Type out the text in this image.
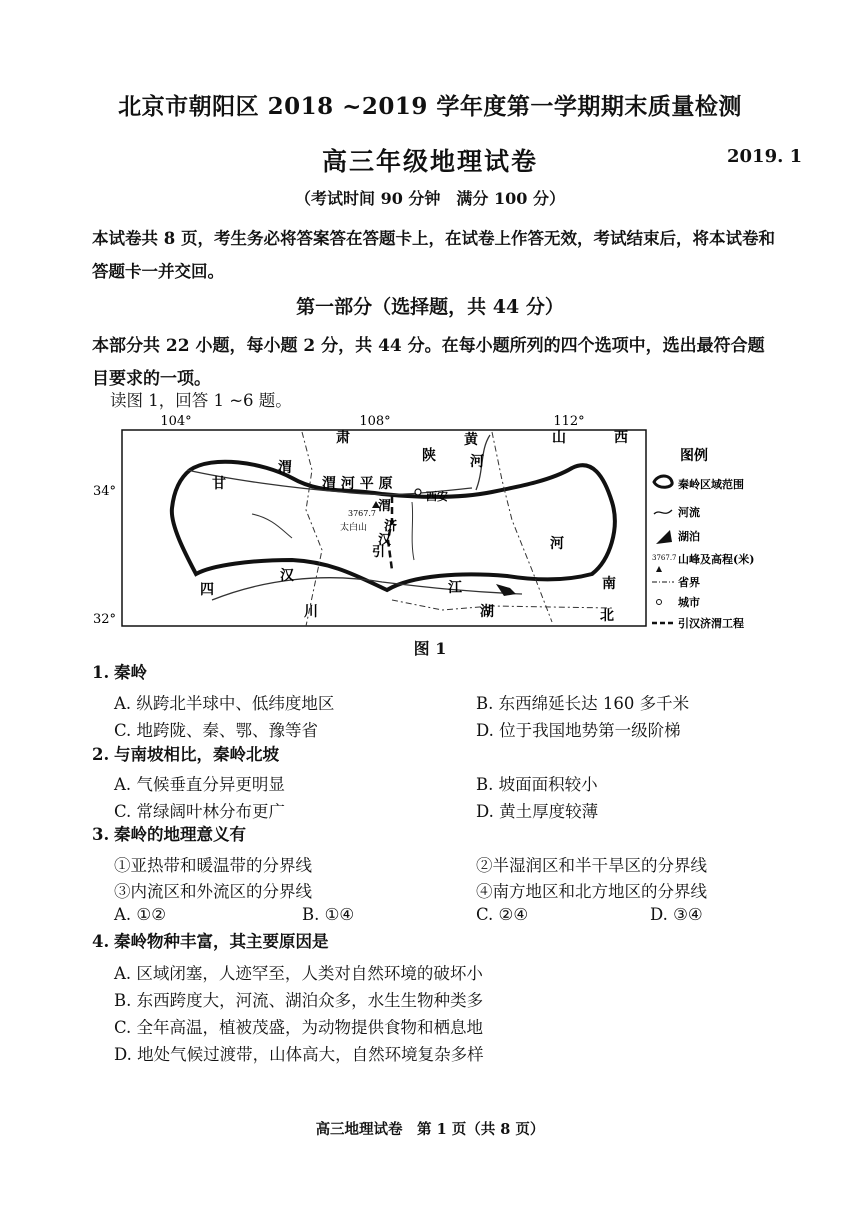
北京市朝阳区 2018 ~2019 学年度第一学期期末质量检测
高三年级地理试卷	2019. 1
（考试时间 90 分钟　满分 100 分）
本试卷共 8 页，考生务必将答案答在答题卡上，在试卷上作答无效，考试结束后，将本试卷和答题卡一并交回。
第一部分（选择题，共 44 分）
本部分共 22 小题，每小题 2 分，共 44 分。在每小题所列的四个选项中，选出最符合题目要求的一项。
读图 1，回答 1 ~6 题。
104°	108°	112°
34°
32°
甘
肃
陕
山	西
河
南
四
川	湖	北
渭
渭 河 平 原
黄
河
汉
江
西安
太白山
3767.7
引
汉
济
渭
图例
秦岭区域范围
河流
湖泊
3767.7 山峰及高程(米)
省界
城市
引汉济渭工程
图 1
1. 秦岭
A. 纵跨北半球中、低纬度地区	B. 东西绵延长达 160 多千米
C. 地跨陇、秦、鄂、豫等省	D. 位于我国地势第一级阶梯
2. 与南坡相比，秦岭北坡
A. 气候垂直分异更明显	B. 坡面面积较小
C. 常绿阔叶林分布更广	D. 黄土厚度较薄
3. 秦岭的地理意义有
①亚热带和暖温带的分界线	②半湿润区和半干旱区的分界线
③内流区和外流区的分界线	④南方地区和北方地区的分界线
A. ①②	B. ①④	C. ②④	D. ③④
4. 秦岭物种丰富，其主要原因是
A. 区域闭塞，人迹罕至，人类对自然环境的破坏小
B. 东西跨度大，河流、湖泊众多，水生生物种类多
C. 全年高温，植被茂盛，为动物提供食物和栖息地
D. 地处气候过渡带，山体高大，自然环境复杂多样
高三地理试卷　第 1 页（共 8 页）
